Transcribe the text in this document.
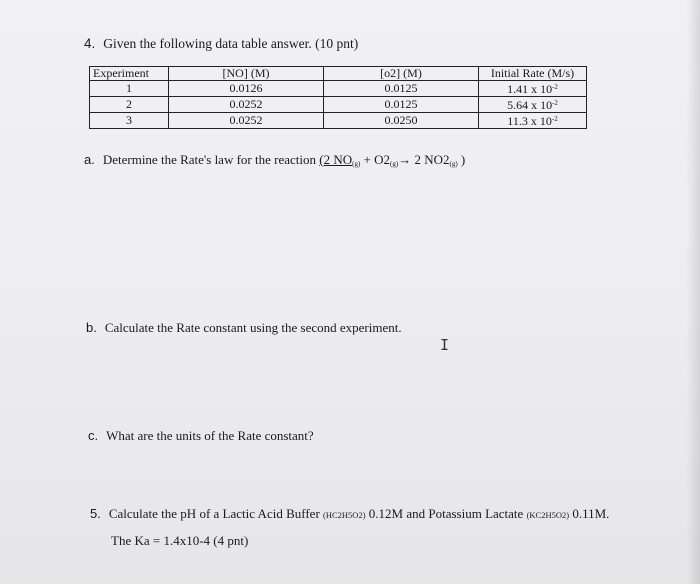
4. Given the following data table answer. (10 pnt)
Experiment	[NO] (M)	[o2] (M)	Initial Rate (M/s)
1	0.0126	0.0125	1.41 x $10^{-2}$
2	0.0252	0.0125	5.64 x $10^{-2}$
3	0.0252	0.0250	11.3 x $10^{-2}$
a. Determine the Rate's law for the reaction (2 $NO_{(g)} + O2_{(g)}\to 2$ $NO2_{(g)}$ )
b. Calculate the Rate constant using the second experiment.
I
c. What are the units of the Rate constant?
5. Calculate the pH of a Lactic Acid Buffer (HC2H5O2) 0.12M and Potassium Lactate (KC2H5O2) 0.11M.
The Ka = 1.4x10-4 (4 pnt)
